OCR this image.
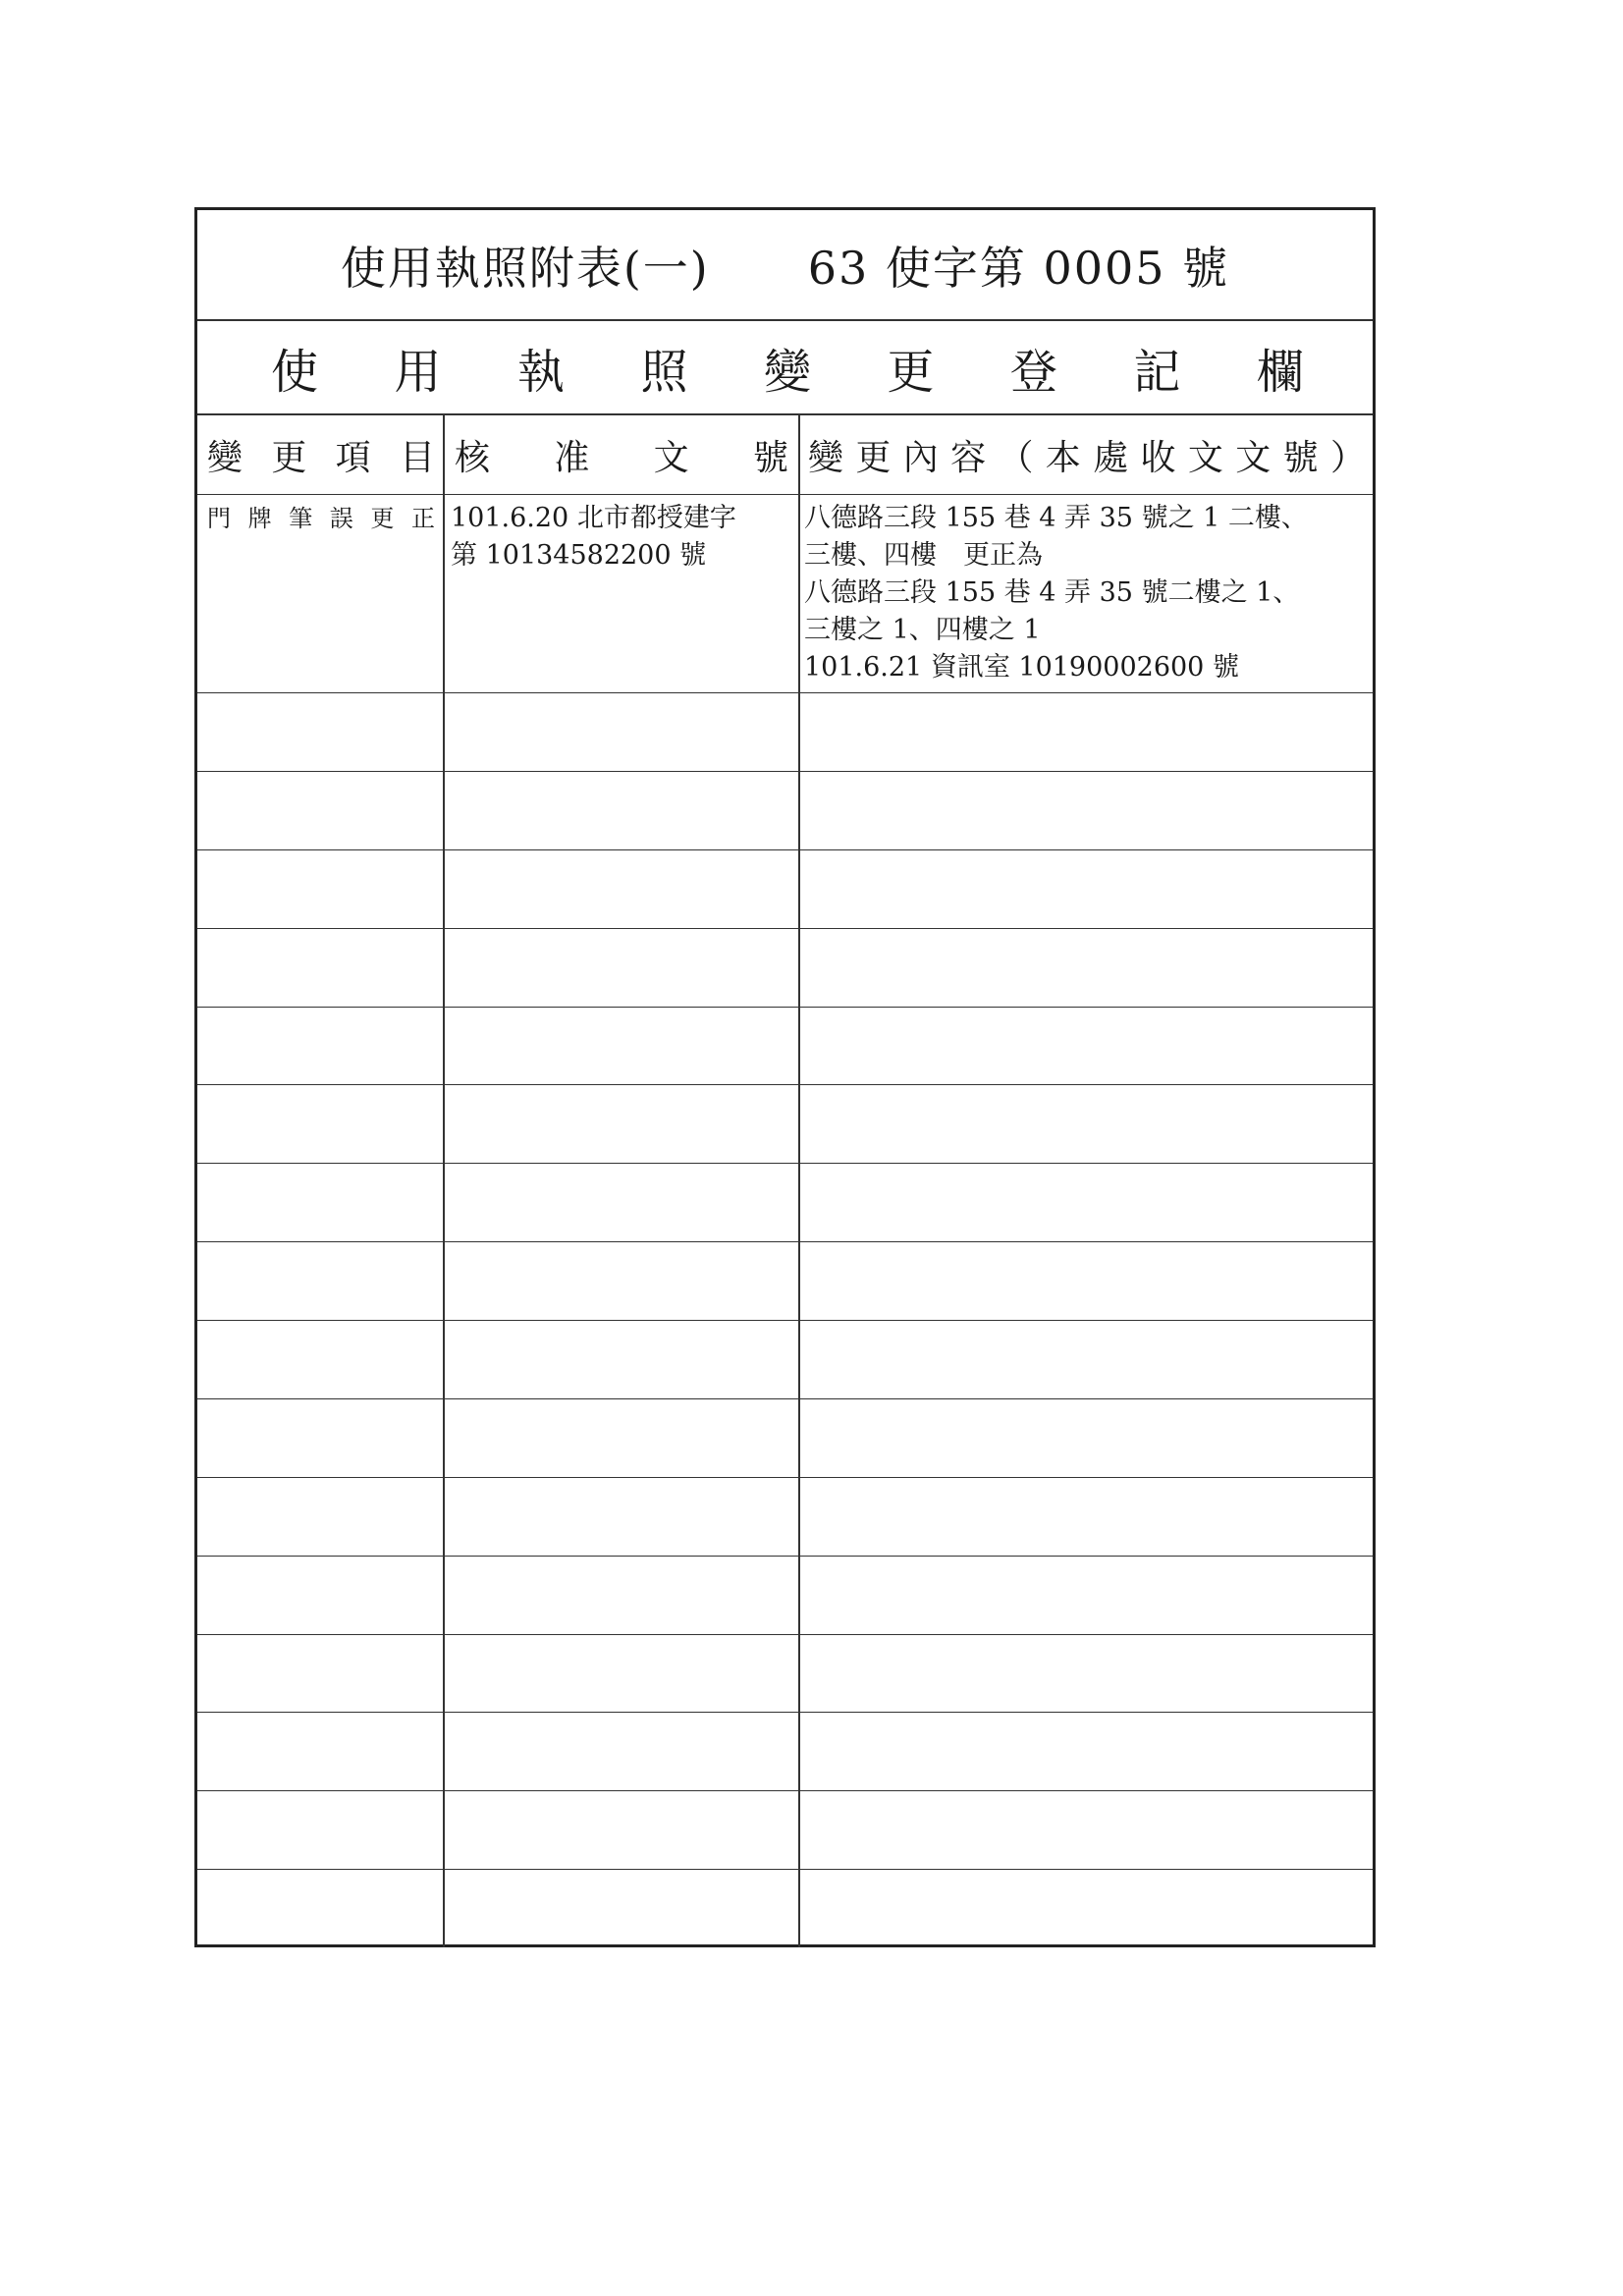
使用執照附表(一) 63 使字第 0005 號
使 用 執 照 變 更 登 記 欄
變 更 項 目 核 准 文 號 變 更 內 容 （ 本 處 收 文 文 號 ）
門 牌 筆 誤 更 正 101.6.20 北市都授建字
第 10134582200 號
八德路三段 155 巷 4 弄 35 號之 1 二樓、
三樓、四樓　更正為
八德路三段 155 巷 4 弄 35 號二樓之 1、
三樓之 1、四樓之 1
101.6.21 資訊室 10190002600 號
